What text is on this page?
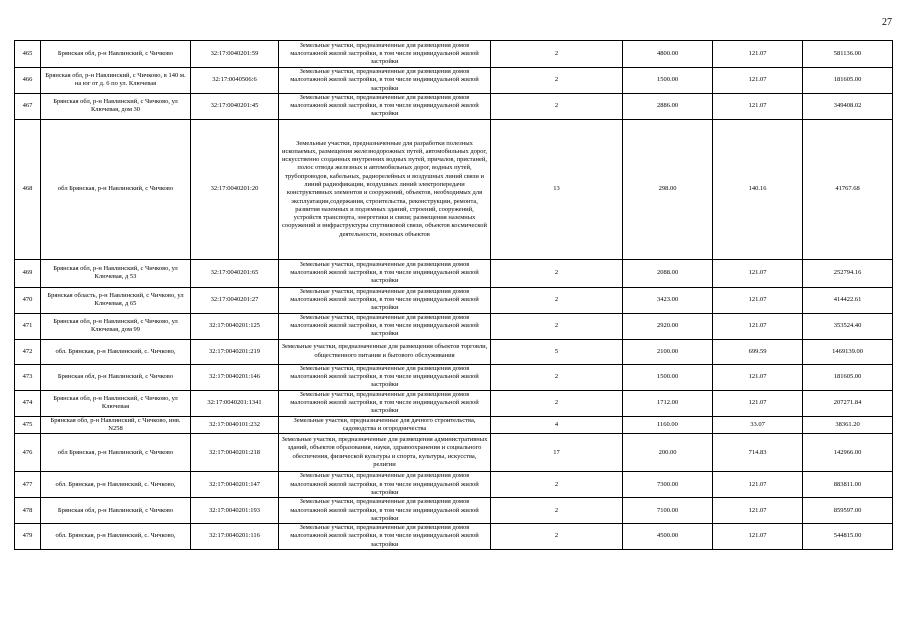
27
465	Брянская обл, р-н Навлинский, с Чичково	32:17:0040201:59	Земельные участки, предназначенные для размещения домов малоэтажной жилой застройки, в том числе индивидуальной жилой застройки	2	4800.00	121.07	581136.00
466	Брянская обл, р-н Навлинский, с Чичково, в 140 м. на юг от д. 6 по ул. Ключевая	32:17:0040506:6	Земельные участки, предназначенные для размещения домов малоэтажной жилой застройки, в том числе индивидуальной жилой застройки	2	1500.00	121.07	181605.00
467	Брянская обл, р-н Навлинский, с Чичково, ул Ключевая, дом 30	32:17:0040201:45	Земельные участки, предназначенные для размещения домов малоэтажной жилой застройки, в том числе индивидуальной жилой застройки	2	2886.00	121.07	349408.02
468	обл Брянская, р-н Навлинский, с Чичково	32:17:0040201:20	Земельные участки, предназначенные для разработки полезных ископаемых, размещения железнодорожных путей, автомобильных дорог, искусственно созданных внутренних водных путей, причалов, пристаней, полос отвода железных и автомобильных дорог, водных путей, трубопроводов, кабельных, радиорелейных и воздушных линий связи и линий радиофикации, воздушных линий электропередачи конструктивных элементов и сооружений, объектов, необходимых для эксплуатации,содержания, строительства, реконструкции, ремонта, развития наземных и подземных зданий, строений, сооружений, устройств транспорта, энергетики и связи; размещения наземных сооружений и инфраструктуры спутниковой связи, объектов космической деятельности, военных объектов	13	298.00	140.16	41767.68
469	Брянская обл, р-н Навлинский, с Чичково, ул Ключевая, д 53	32:17:0040201:65	Земельные участки, предназначенные для размещения домов малоэтажной жилой застройки, в том числе индивидуальной жилой застройки	2	2088.00	121.07	252794.16
470	Брянская область, р-н Навлинский, с Чичково, ул Ключевая, д 65	32:17:0040201:27	Земельные участки, предназначенные для размещения домов малоэтажной жилой застройки, в том числе индивидуальной жилой застройки	2	3423.00	121.07	414422.61
471	Брянская обл, р-н Навлинский, с Чичково, ул Ключевая, дом 99	32:17:0040201:125	Земельные участки, предназначенные для размещения домов малоэтажной жилой застройки, в том числе индивидуальной жилой застройки	2	2920.00	121.07	353524.40
472	обл. Брянская, р-н Навлинский, с. Чичково,	32:17:0040201:219	Земельные участки, предназначенные для размещения объектов торговли, общественного питания и бытового обслуживания	5	2100.00	699.59	1469139.00
473	Брянская обл, р-н Навлинский, с Чичково	32:17:0040201:146	Земельные участки, предназначенные для размещения домов малоэтажной жилой застройки, в том числе индивидуальной жилой застройки	2	1500.00	121.07	181605.00
474	Брянская обл, р-н Навлинский, с Чичково, ул Ключевая	32:17:0040201:1341	Земельные участки, предназначенные для размещения домов малоэтажной жилой застройки, в том числе индивидуальной жилой застройки	2	1712.00	121.07	207271.84
475	Брянская обл, р-н Навлинский, с Чичково, инв. N258	32:17:0040101:232	Земельные участки, предназначенные для дачного строительства, садоводства и огородничества	4	1160.00	33.07	38361.20
476	обл Брянская, р-н Навлинский, с Чичково	32:17:0040201:218	Земельные участки, предназначенные для размещения административных зданий, объектов образования, науки, здравоохранения и социального обеспечения, физической культуры и спорта, культуры, искусства, религии	17	200.00	714.83	142966.00
477	обл. Брянская, р-н Навлинский, с. Чичково,	32:17:0040201:147	Земельные участки, предназначенные для размещения домов малоэтажной жилой застройки, в том числе индивидуальной жилой застройки	2	7300.00	121.07	883811.00
478	Брянская обл, р-н Навлинский, с Чичково	32:17:0040201:193	Земельные участки, предназначенные для размещения домов малоэтажной жилой застройки, в том числе индивидуальной жилой застройки	2	7100.00	121.07	859597.00
479	обл. Брянская, р-н Навлинский, с. Чичково,	32:17:0040201:116	Земельные участки, предназначенные для размещения домов малоэтажной жилой застройки, в том числе индивидуальной жилой застройки	2	4500.00	121.07	544815.00
